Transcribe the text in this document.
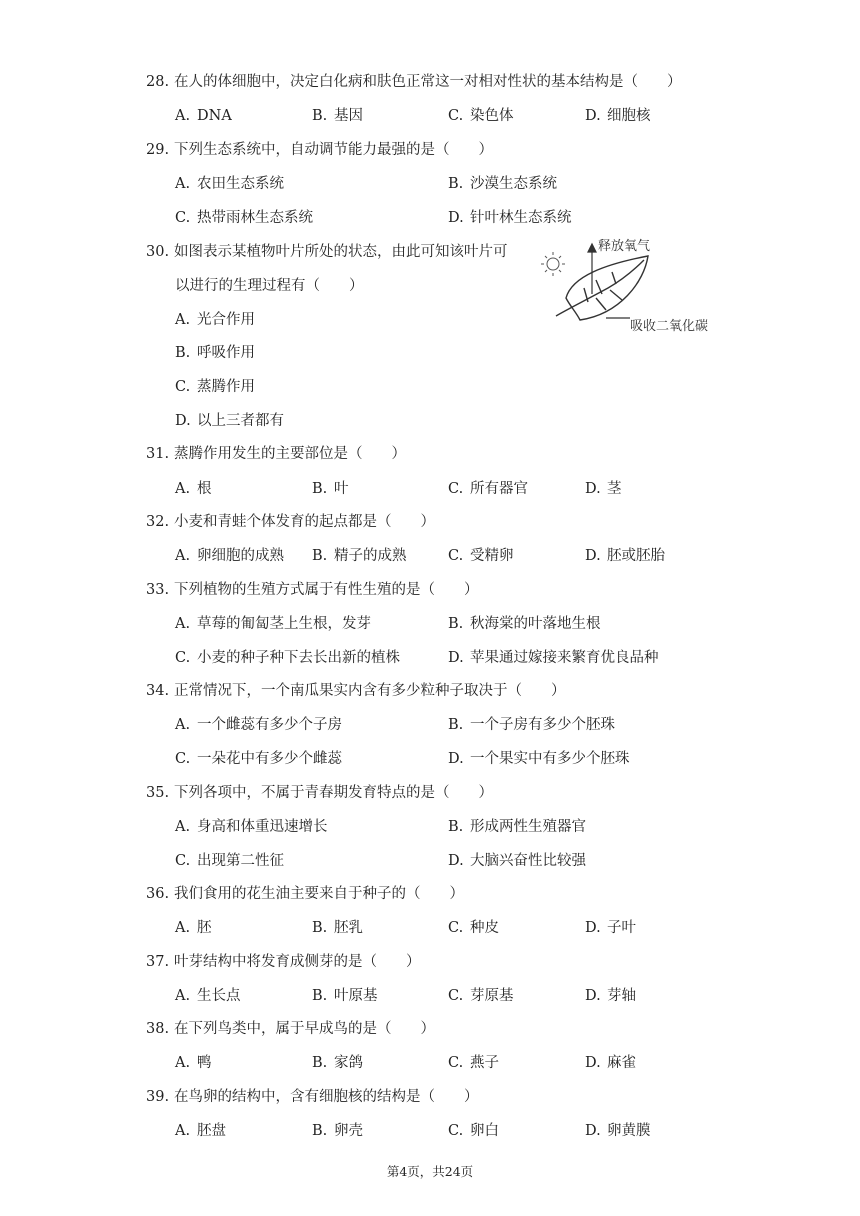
28. 在人的体细胞中，决定白化病和肤色正常这一对相对性状的基本结构是（　　）
A. DNA	B. 基因	C. 染色体	D. 细胞核
29. 下列生态系统中，自动调节能力最强的是（　　）
A. 农田生态系统	B. 沙漠生态系统
C. 热带雨林生态系统	D. 针叶林生态系统
30. 如图表示某植物叶片所处的状态，由此可知该叶片可
以进行的生理过程有（　　）
A. 光合作用
B. 呼吸作用
C. 蒸腾作用
D. 以上三者都有
释放氧气
吸收二氧化碳
31. 蒸腾作用发生的主要部位是（　　）
A. 根	B. 叶	C. 所有器官	D. 茎
32. 小麦和青蛙个体发育的起点都是（　　）
A. 卵细胞的成熟 B. 精子的成熟	C. 受精卵	D. 胚或胚胎
33. 下列植物的生殖方式属于有性生殖的是（　　）
A. 草莓的匍匐茎上生根，发芽	B. 秋海棠的叶落地生根
C. 小麦的种子种下去长出新的植株	D. 苹果通过嫁接来繁育优良品种
34. 正常情况下，一个南瓜果实内含有多少粒种子取决于（　　）
A. 一个雌蕊有多少个子房	B. 一个子房有多少个胚珠
C. 一朵花中有多少个雌蕊	D. 一个果实中有多少个胚珠
35. 下列各项中，不属于青春期发育特点的是（　　）
A. 身高和体重迅速增长	B. 形成两性生殖器官
C. 出现第二性征	D. 大脑兴奋性比较强
36. 我们食用的花生油主要来自于种子的（　　）
A. 胚	B. 胚乳	C. 种皮	D. 子叶
37. 叶芽结构中将发育成侧芽的是（　　）
A. 生长点	B. 叶原基	C. 芽原基	D. 芽轴
38. 在下列鸟类中，属于早成鸟的是（　　）
A. 鸭	B. 家鸽	C. 燕子	D. 麻雀
39. 在鸟卵的结构中，含有细胞核的结构是（　　）
A. 胚盘	B. 卵壳	C. 卵白	D. 卵黄膜
第4页，共24页
